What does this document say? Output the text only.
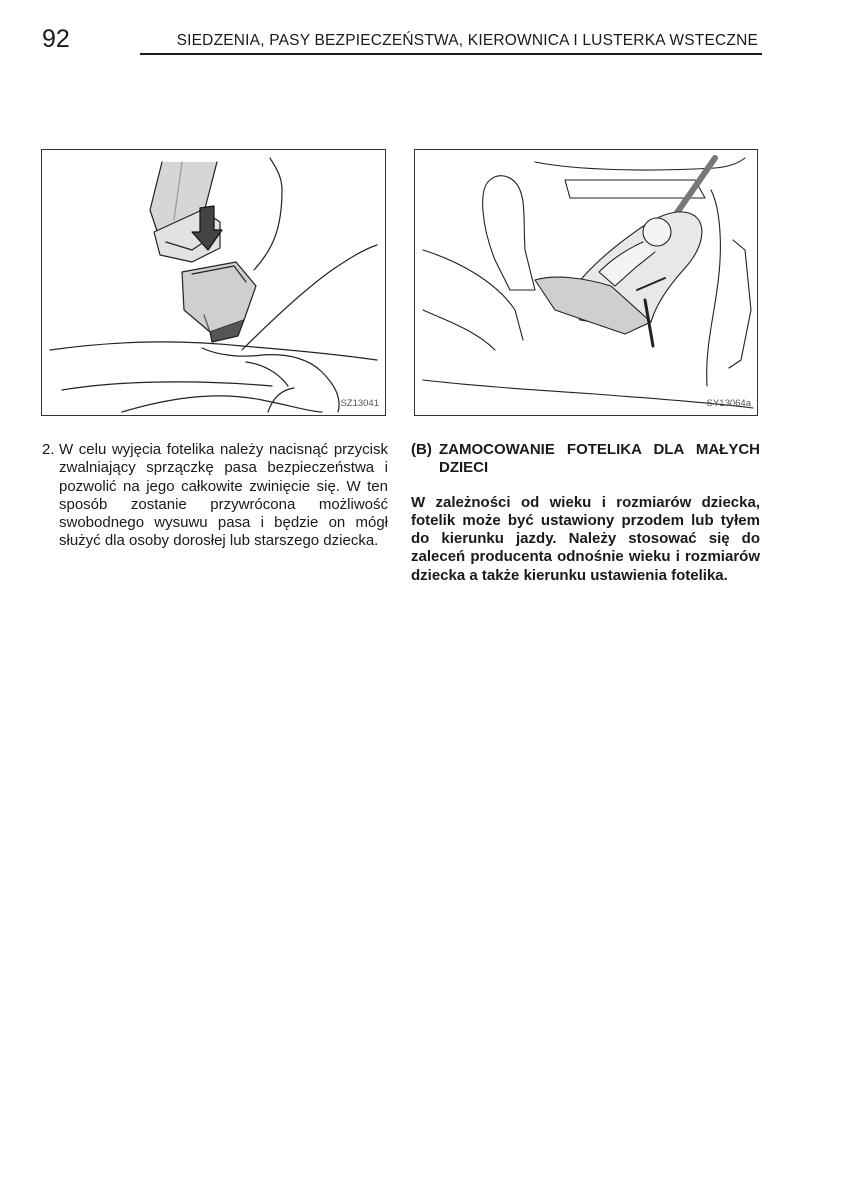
92	SIEDZENIA, PASY BEZPIECZEŃSTWA, KIEROWNICA I LUSTERKA WSTECZNE
SZ13041	SY13064a
2. W celu wyjęcia fotelika należy nacisnąć przycisk zwalniający sprzączkę pasa bezpieczeństwa i pozwolić na jego całkowite zwinięcie się. W ten sposób zostanie przywrócona możliwość swobodnego wysuwu pasa i będzie on mógł służyć dla osoby dorosłej lub starszego dziecka.
(B) ZAMOCOWANIE FOTELIKA DLA MAŁYCH DZIECI
W zależności od wieku i rozmiarów dziecka, fotelik może być ustawiony przodem lub tyłem do kierunku jazdy. Należy stosować się do zaleceń producenta odnośnie wieku i rozmiarów dziecka a także kierunku ustawienia fotelika.
